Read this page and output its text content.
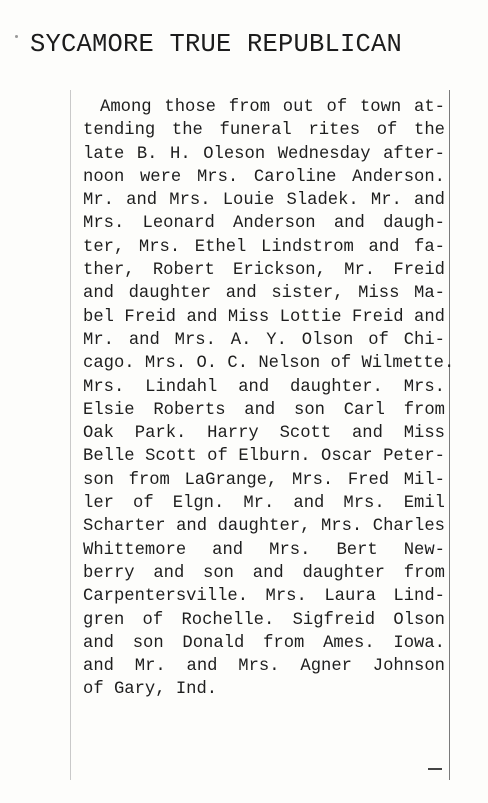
SYCAMORE TRUE REPUBLICAN
Among those from out of town at-
tending the funeral rites of the
late B. H. Oleson Wednesday after-
noon were Mrs. Caroline Anderson.
Mr. and Mrs. Louie Sladek. Mr. and
Mrs. Leonard Anderson and daugh-
ter, Mrs. Ethel Lindstrom and fa-
ther, Robert Erickson, Mr. Freid
and daughter and sister, Miss Ma-
bel Freid and Miss Lottie Freid and
Mr. and Mrs. A. Y. Olson of Chi-
cago. Mrs. O. C. Nelson of Wilmette.
Mrs. Lindahl and daughter. Mrs.
Elsie Roberts and son Carl from
Oak Park. Harry Scott and Miss
Belle Scott of Elburn. Oscar Peter-
son from LaGrange, Mrs. Fred Mil-
ler of Elgn. Mr. and Mrs. Emil
Scharter and daughter, Mrs. Charles
Whittemore and Mrs. Bert New-
berry and son and daughter from
Carpentersville. Mrs. Laura Lind-
gren of Rochelle. Sigfreid Olson
and son Donald from Ames. Iowa.
and Mr. and Mrs. Agner Johnson
of Gary, Ind.
